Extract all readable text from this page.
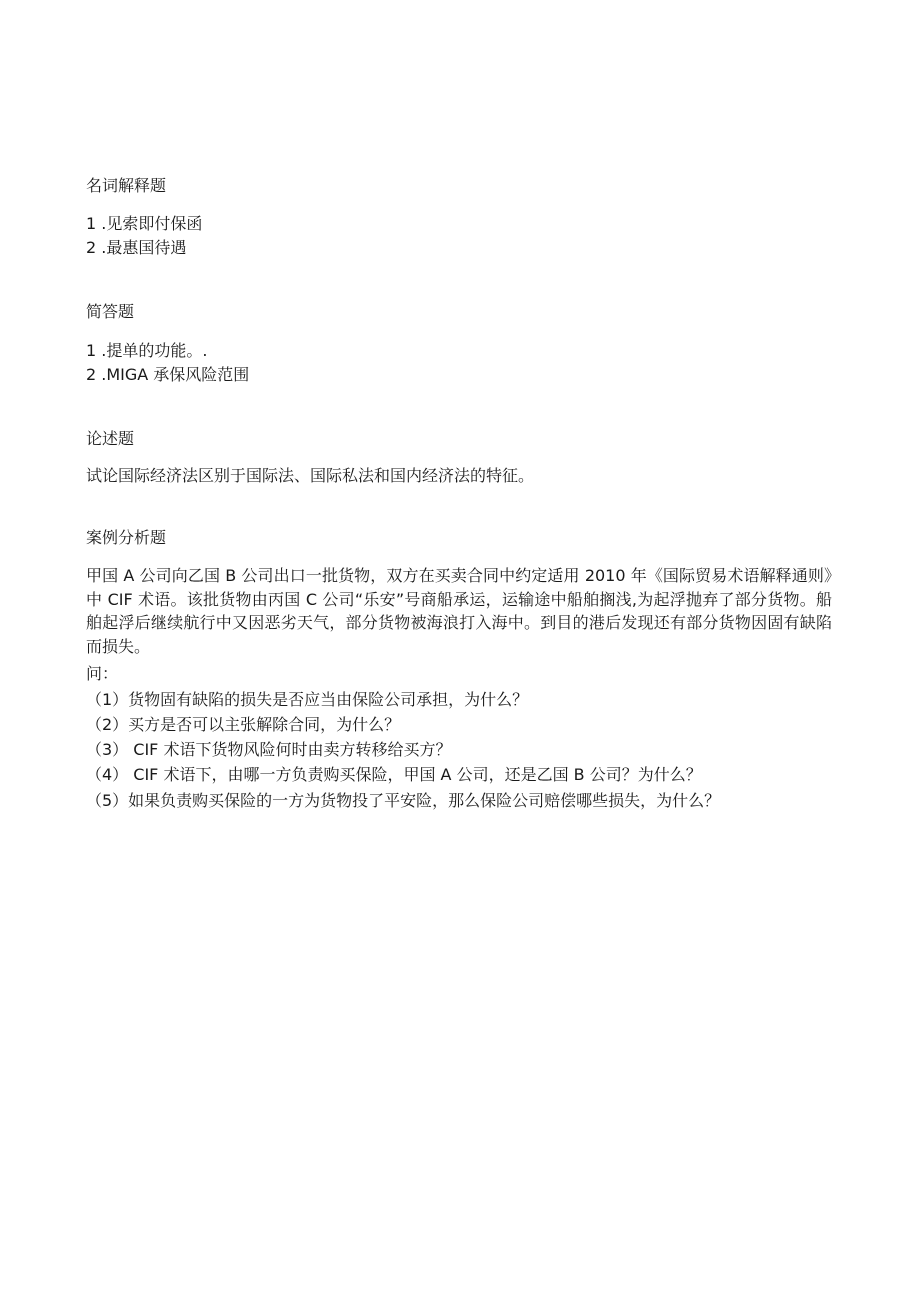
名词解释题
1 .见索即付保函
2 .最惠国待遇
简答题
1 .提单的功能。.
2 .MIGA 承保风险范围
论述题
试论国际经济法区别于国际法、国际私法和国内经济法的特征。
案例分析题
甲国 A 公司向乙国 B 公司出口一批货物，双方在买卖合同中约定适用 2010 年《国际贸易术语解释通则》中 CIF 术语。该批货物由丙国 C 公司“乐安”号商船承运，运输途中船舶搁浅,为起浮抛弃了部分货物。船舶起浮后继续航行中又因恶劣天气，部分货物被海浪打入海中。到目的港后发现还有部分货物因固有缺陷而损失。
问：
（1）货物固有缺陷的损失是否应当由保险公司承担，为什么？
（2）买方是否可以主张解除合同，为什么？
（3） CIF 术语下货物风险何时由卖方转移给买方？
（4） CIF 术语下，由哪一方负责购买保险，甲国 A 公司，还是乙国 B 公司？为什么？
（5）如果负责购买保险的一方为货物投了平安险，那么保险公司赔偿哪些损失，为什么？
